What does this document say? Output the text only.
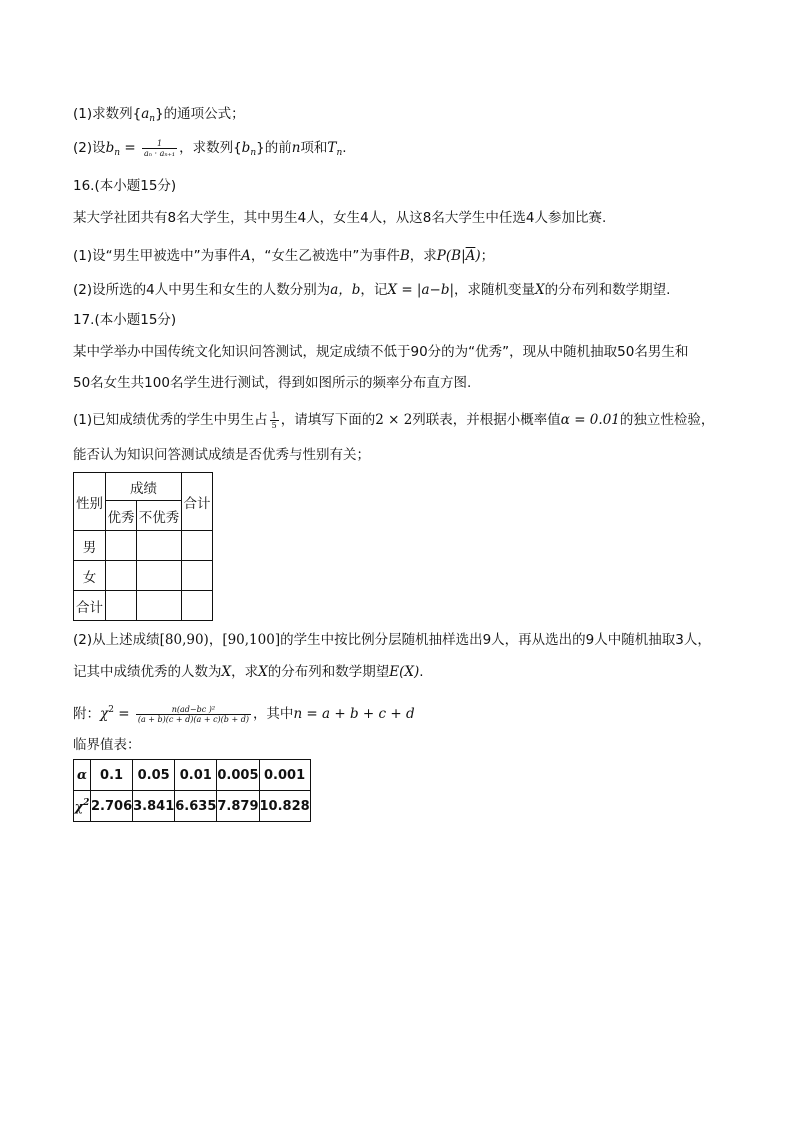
(1)求数列$\{a_n\}$的通项公式；
(2)设$b_n = \frac{1}{\text{aₙ · aₙ₊₁}}$ ，求数列$\{b_n\}$的前n项和$T_n$.
16.(本小题15分)
某大学社团共有8名大学生，其中男生4人，女生4人，从这8名大学生中任选4人参加比赛.
(1)设“男生甲被选中”为事件A，“女生乙被选中”为事件B，求$P(B|\overline{A})$；
(2)设所选的4人中男生和女生的人数分别为a，b，记X = |a−b|，求随机变量X的分布列和数学期望.
17.(本小题15分)
某中学举办中国传统文化知识问答测试，规定成绩不低于90分的为“优秀”，现从中随机抽取50名男生和
50名女生共100名学生进行测试，得到如图所示的频率分布直方图.
(1)已知成绩优秀的学生中男生占 $\frac{1}{5}$ ，请填写下面的2 × 2列联表，并根据小概率值α = 0.01的独立性检验，
能否认为知识问答测试成绩是否优秀与性别有关；
性别	成绩		合计
	优秀	不优秀	
男			
女			
合计			
(2)从上述成绩[80,90)，[90,100]的学生中按比例分层随机抽样选出9人，再从选出的9人中随机抽取3人，
记其中成绩优秀的人数为X，求X的分布列和数学期望E(X).
附：$\chi^2 = \frac{\text{n(ad−bc )²}}{(a + b)(c + d)(a + c)(b + d)}$ ，其中n = a + b + c + d
临界值表：
α	0.1	0.05	0.01	0.005	0.001
$\chi^2$	2.706	3.841	6.635	7.879	10.828
